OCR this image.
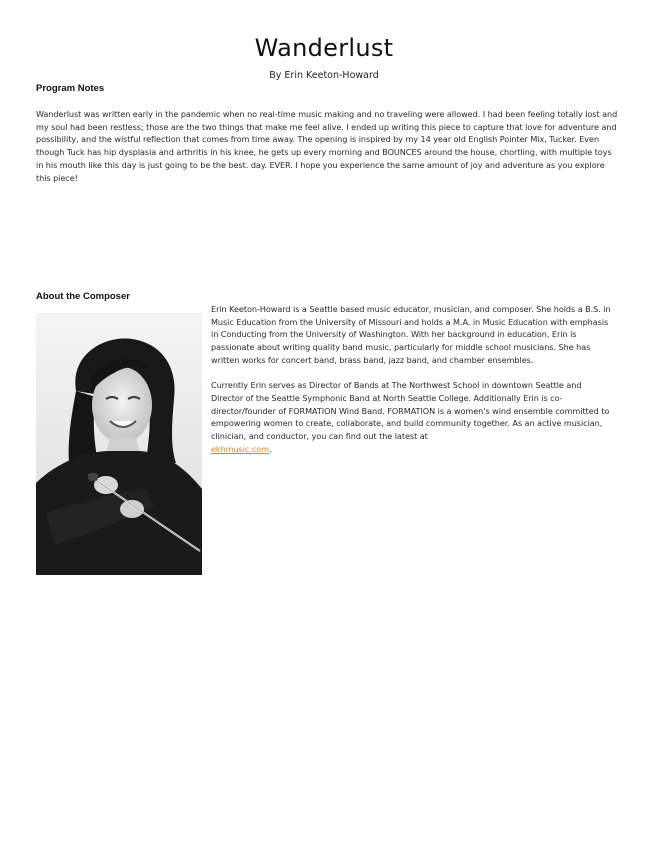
Wanderlust
By Erin Keeton-Howard
Program Notes
Wanderlust was written early in the pandemic when no real-time music making and no traveling were allowed. I had been feeling totally lost and my soul had been restless; those are the two things that make me feel alive. I ended up writing this piece to capture that love for adventure and possibility, and the wistful reflection that comes from time away. The opening is inspired by my 14 year old English Pointer Mix, Tucker. Even though Tuck has hip dysplasia and arthritis in his knee, he gets up every morning and BOUNCES around the house, chortling, with multiple toys in his mouth like this day is just going to be the best. day. EVER. I hope you experience the same amount of joy and adventure as you explore this piece!
About the Composer

Erin Keeton-Howard is a Seattle based music educator, musician, and composer. She holds a B.S. in Music Education from the University of Missouri and holds a M.A. in Music Education with emphasis in Conducting from the University of Washington. With her background in education, Erin is passionate about writing quality band music, particularly for middle school musicians. She has written works for concert band, brass band, jazz band, and chamber ensembles.

Currently Erin serves as Director of Bands at The Northwest School in downtown Seattle and Director of the Seattle Symphonic Band at North Seattle College. Additionally Erin is co-director/founder of FORMATION Wind Band. FORMATION is a women's wind ensemble committed to empowering women to create, collaborate, and build community together. As an active musician, clinician, and conductor, you can find out the latest at
ekhmusic.com.
